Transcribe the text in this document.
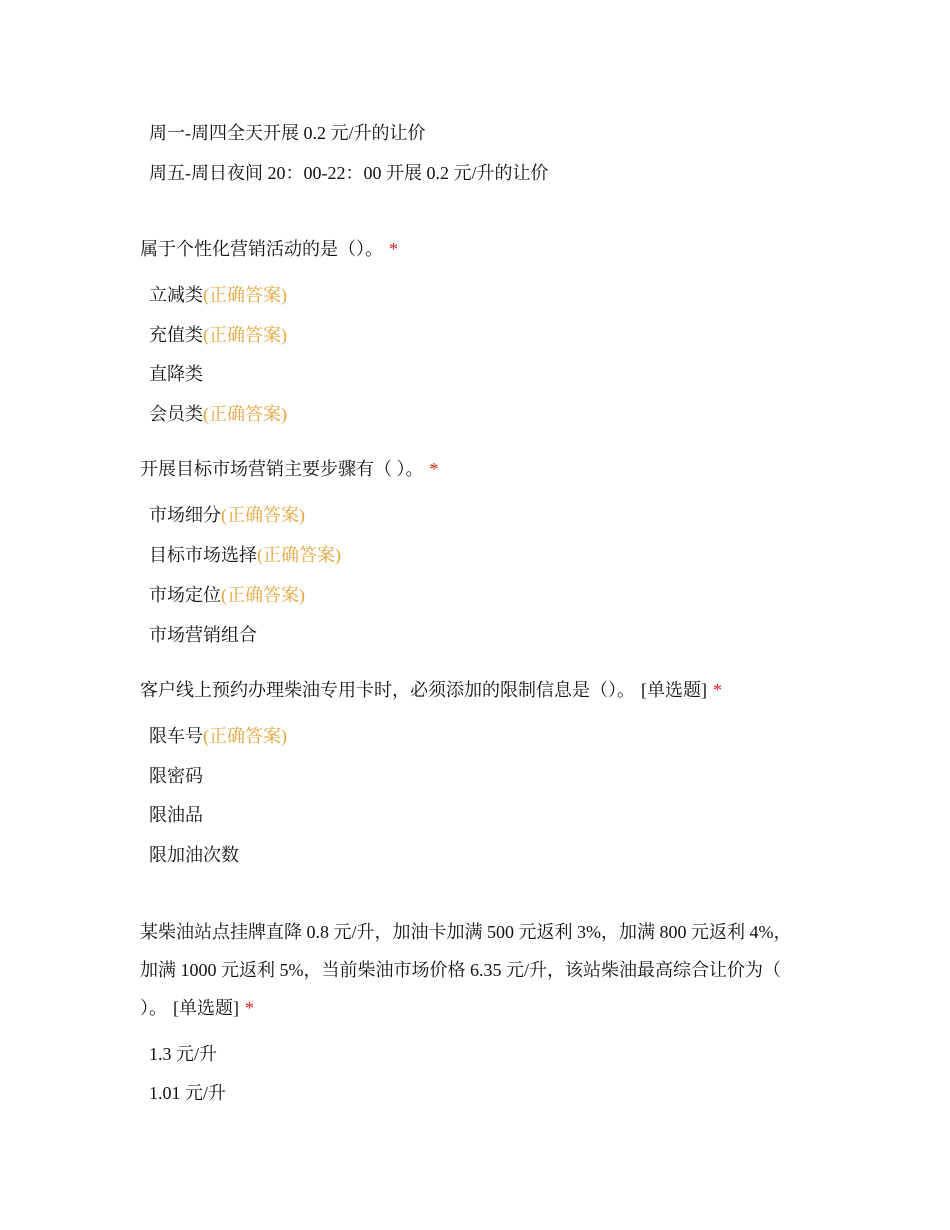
周一-周四全天开展 0.2 元/升的让价
周五-周日夜间 20：00-22：00 开展 0.2 元/升的让价
属于个性化营销活动的是（）。 *
立减类(正确答案)
充值类(正确答案)
直降类
会员类(正确答案)
开展目标市场营销主要步骤有（ ）。 *
市场细分(正确答案)
目标市场选择(正确答案)
市场定位(正确答案)
市场营销组合
客户线上预约办理柴油专用卡时，必须添加的限制信息是（）。 [单选题] *
限车号(正确答案)
限密码
限油品
限加油次数
某柴油站点挂牌直降 0.8 元/升，加油卡加满 500 元返利 3%，加满 800 元返利 4%，
加满 1000 元返利 5%，当前柴油市场价格 6.35 元/升，该站柴油最高综合让价为（
）。 [单选题] *
1.3 元/升
1.01 元/升
